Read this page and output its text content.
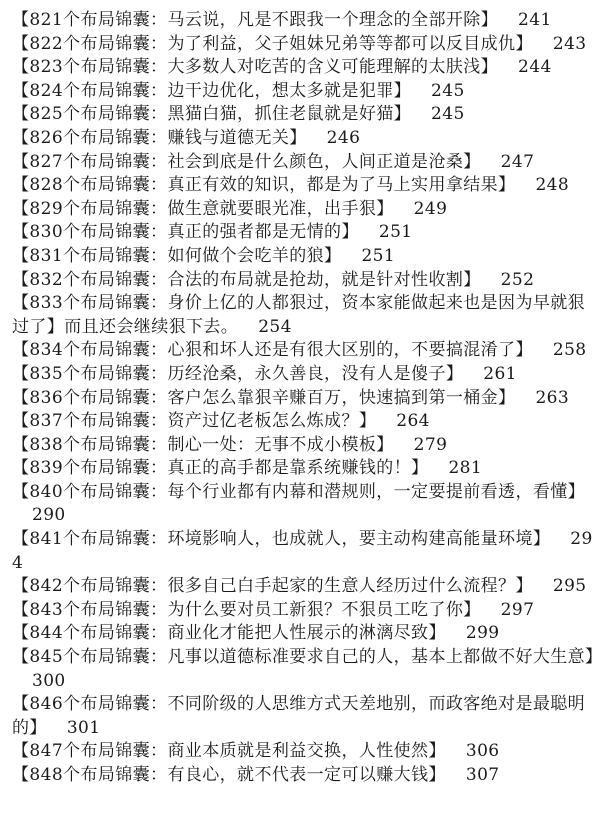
【821个布局锦囊：马云说，凡是不跟我一个理念的全部开除】 241
【822个布局锦囊：为了利益，父子姐妹兄弟等等都可以反目成仇】 243
【823个布局锦囊：大多数人对吃苦的含义可能理解的太肤浅】 244
【824个布局锦囊：边干边优化，想太多就是犯罪】 245
【825个布局锦囊：黑猫白猫，抓住老鼠就是好猫】 245
【826个布局锦囊：赚钱与道德无关】 246
【827个布局锦囊：社会到底是什么颜色，人间正道是沧桑】 247
【828个布局锦囊：真正有效的知识，都是为了马上实用拿结果】 248
【829个布局锦囊：做生意就要眼光准，出手狠】 249
【830个布局锦囊：真正的强者都是无情的】 251
【831个布局锦囊：如何做个会吃羊的狼】 251
【832个布局锦囊：合法的布局就是抢劫，就是针对性收割】 252
【833个布局锦囊：身价上亿的人都狠过，资本家能做起来也是因为早就狠过了】而且还会继续狠下去。 254
【834个布局锦囊：心狠和坏人还是有很大区别的，不要搞混淆了】 258
【835个布局锦囊：历经沧桑，永久善良，没有人是傻子】 261
【836个布局锦囊：客户怎么靠狠辛赚百万，快速搞到第一桶金】 263
【837个布局锦囊：资产过亿老板怎么炼成？】 264
【838个布局锦囊：制心一处：无事不成小模板】 279
【839个布局锦囊：真正的高手都是靠系统赚钱的！】 281
【840个布局锦囊：每个行业都有内幕和潜规则，一定要提前看透，看懂】290
【841个布局锦囊：环境影响人，也成就人，要主动构建高能量环境】 294
【842个布局锦囊：很多自己白手起家的生意人经历过什么流程？】 295
【843个布局锦囊：为什么要对员工新狠？不狠员工吃了你】 297
【844个布局锦囊：商业化才能把人性展示的淋漓尽致】 299
【845个布局锦囊：凡事以道德标准要求自己的人，基本上都做不好大生意】300
【846个布局锦囊：不同阶级的人思维方式天差地别，而政客绝对是最聪明的】 301
【847个布局锦囊：商业本质就是利益交换，人性使然】 306
【848个布局锦囊：有良心，就不代表一定可以赚大钱】 307
